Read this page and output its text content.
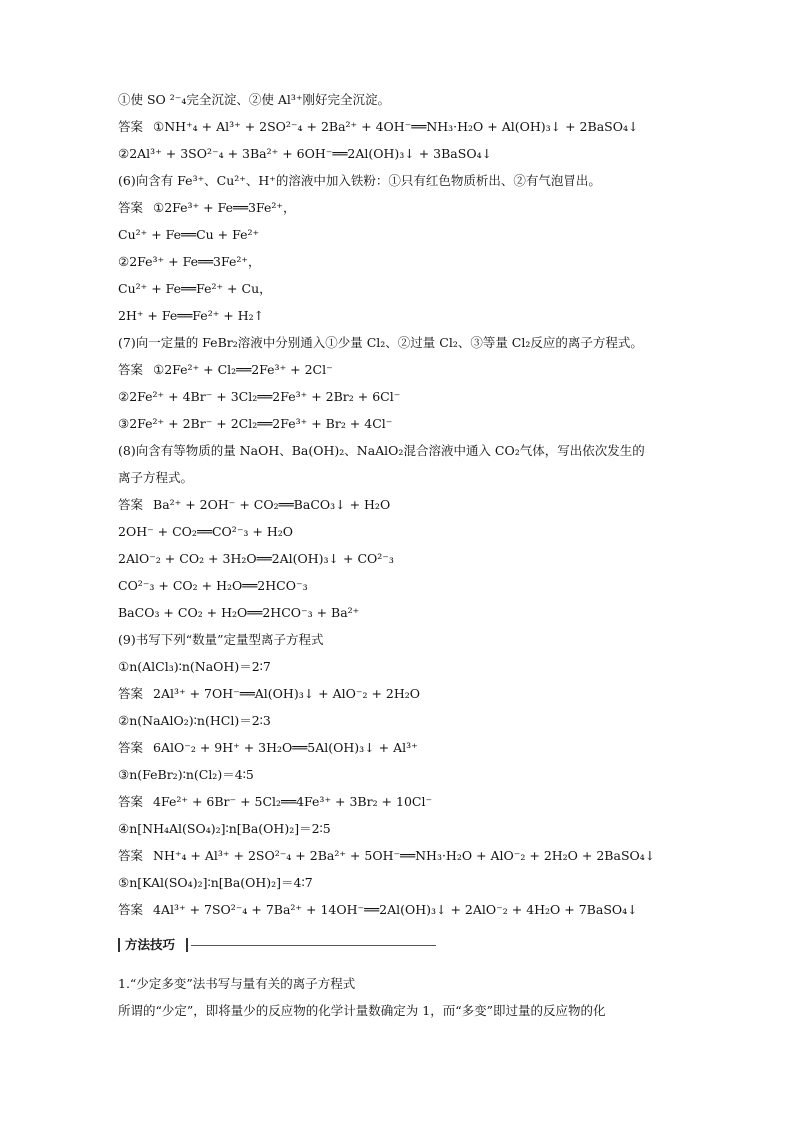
①使 SO ²⁻₄完全沉淀、②使 Al³⁺刚好完全沉淀。
答案 ①NH⁺₄ + Al³⁺ + 2SO²⁻₄ + 2Ba²⁺ + 4OH⁻══NH₃·H₂O + Al(OH)₃↓ + 2BaSO₄↓
②2Al³⁺ + 3SO²⁻₄ + 3Ba²⁺ + 6OH⁻══2Al(OH)₃↓ + 3BaSO₄↓
(6)向含有 Fe³⁺、Cu²⁺、H⁺的溶液中加入铁粉：①只有红色物质析出、②有气泡冒出。
答案 ①2Fe³⁺ + Fe══3Fe²⁺，
Cu²⁺ + Fe══Cu + Fe²⁺
②2Fe³⁺ + Fe══3Fe²⁺，
Cu²⁺ + Fe══Fe²⁺ + Cu，
2H⁺ + Fe══Fe²⁺ + H₂↑
(7)向一定量的 FeBr₂溶液中分别通入①少量 Cl₂、②过量 Cl₂、③等量 Cl₂反应的离子方程式。
答案 ①2Fe²⁺ + Cl₂══2Fe³⁺ + 2Cl⁻
②2Fe²⁺ + 4Br⁻ + 3Cl₂══2Fe³⁺ + 2Br₂ + 6Cl⁻
③2Fe²⁺ + 2Br⁻ + 2Cl₂══2Fe³⁺ + Br₂ + 4Cl⁻
(8)向含有等物质的量 NaOH、Ba(OH)₂、NaAlO₂混合溶液中通入 CO₂气体，写出依次发生的
离子方程式。
答案 Ba²⁺ + 2OH⁻ + CO₂══BaCO₃↓ + H₂O
2OH⁻ + CO₂══CO²⁻₃ + H₂O
2AlO⁻₂ + CO₂ + 3H₂O══2Al(OH)₃↓ + CO²⁻₃
CO²⁻₃ + CO₂ + H₂O══2HCO⁻₃
BaCO₃ + CO₂ + H₂O══2HCO⁻₃ + Ba²⁺
(9)书写下列“数量”定量型离子方程式
①n(AlCl₃)∶n(NaOH)＝2∶7
答案 2Al³⁺ + 7OH⁻══Al(OH)₃↓ + AlO⁻₂ + 2H₂O
②n(NaAlO₂)∶n(HCl)＝2∶3
答案 6AlO⁻₂ + 9H⁺ + 3H₂O══5Al(OH)₃↓ + Al³⁺
③n(FeBr₂)∶n(Cl₂)＝4∶5
答案 4Fe²⁺ + 6Br⁻ + 5Cl₂══4Fe³⁺ + 3Br₂ + 10Cl⁻
④n[NH₄Al(SO₄)₂]∶n[Ba(OH)₂]＝2∶5
答案 NH⁺₄ + Al³⁺ + 2SO²⁻₄ + 2Ba²⁺ + 5OH⁻══NH₃·H₂O + AlO⁻₂ + 2H₂O + 2BaSO₄↓
⑤n[KAl(SO₄)₂]∶n[Ba(OH)₂]＝4∶7
答案 4Al³⁺ + 7SO²⁻₄ + 7Ba²⁺ + 14OH⁻══2Al(OH)₃↓ + 2AlO⁻₂ + 4H₂O + 7BaSO₄↓
方法技巧
1.“少定多变”法书写与量有关的离子方程式
所谓的“少定”，即将量少的反应物的化学计量数确定为 1，而“多变”即过量的反应物的化
